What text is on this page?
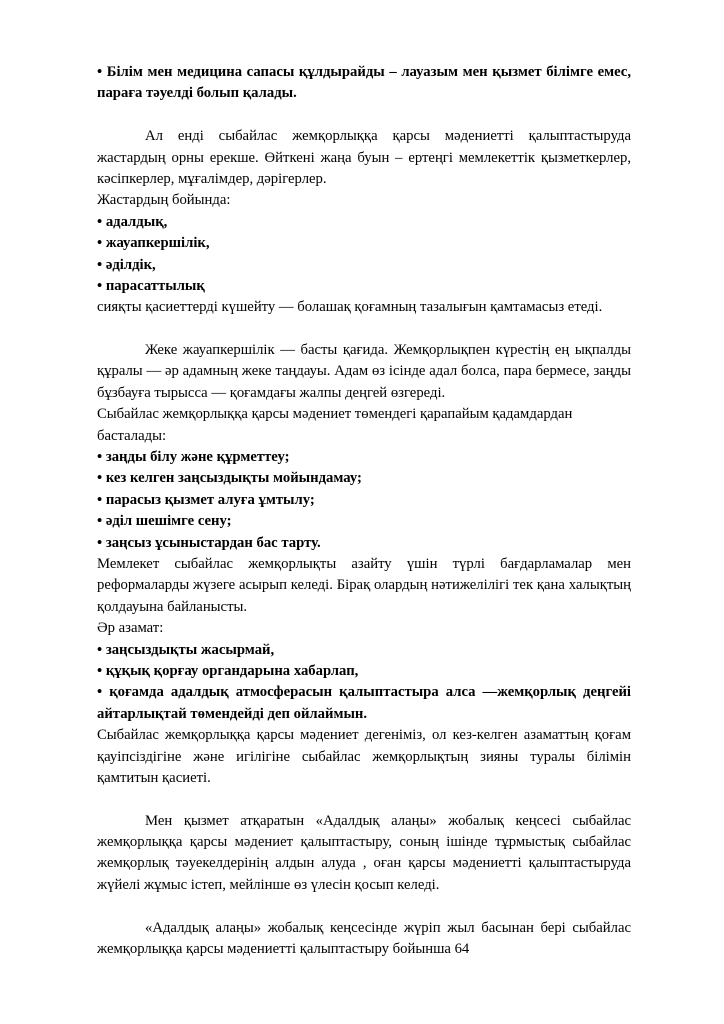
• Білім мен медицина сапасы құлдырайды – лауазым мен қызмет білімге емес, параға тәуелді болып қалады.

Ал енді сыбайлас жемқорлыққа қарсы мәдениетті қалыптастыруда жастардың орны ерекше. Өйткені жаңа буын – ертеңгі мемлекеттік қызметкерлер, кәсіпкерлер, мұғалімдер, дәрігерлер.

Жастардың бойында:

• адалдық,

• жауапкершілік,

• әділдік,

• парасаттылық

сияқты қасиеттерді күшейту — болашақ қоғамның тазалығын қамтамасыз етеді.

Жеке жауапкершілік — басты қағида. Жемқорлықпен күрестің ең ықпалды құралы — әр адамның жеке таңдауы. Адам өз ісінде адал болса, пара бермесе, заңды бұзбауға тырысса — қоғамдағы жалпы деңгей өзгереді.

Сыбайлас жемқорлыққа қарсы мәдениет төмендегі қарапайым қадамдардан басталады:

• заңды білу және құрметтеу;

• кез келген заңсыздықты мойындамау;

• парасыз қызмет алуға ұмтылу;

• әділ шешімге сену;

• заңсыз ұсыныстардан бас тарту.

Мемлекет сыбайлас жемқорлықты азайту үшін түрлі бағдарламалар мен реформаларды жүзеге асырып келеді. Бірақ олардың нәтижелілігі тек қана халықтың қолдауына байланысты.

Әр азамат:

• заңсыздықты жасырмай,

• құқық қорғау органдарына хабарлап,

• қоғамда адалдық атмосферасын қалыптастыра алса —жемқорлық деңгейі айтарлықтай төмендейді деп ойлаймын.

Сыбайлас жемқорлыққа қарсы мәдениет дегеніміз, ол кез-келген азаматтың қоғам қауіпсіздігіне және игілігіне сыбайлас жемқорлықтың зияны туралы білімін қамтитын қасиеті.

Мен қызмет атқаратын «Адалдық алаңы» жобалық кеңсесі сыбайлас жемқорлыққа қарсы мәдениет қалыптастыру, соның ішінде тұрмыстық сыбайлас жемқорлық тәуекелдерінің алдын алуда , оған қарсы мәдениетті қалыптастыруда жүйелі жұмыс істеп, мейлінше өз үлесін қосып келеді.

«Адалдық алаңы» жобалық кеңсесінде жүріп жыл басынан бері сыбайлас жемқорлыққа қарсы мәдениетті қалыптастыру бойынша 64
